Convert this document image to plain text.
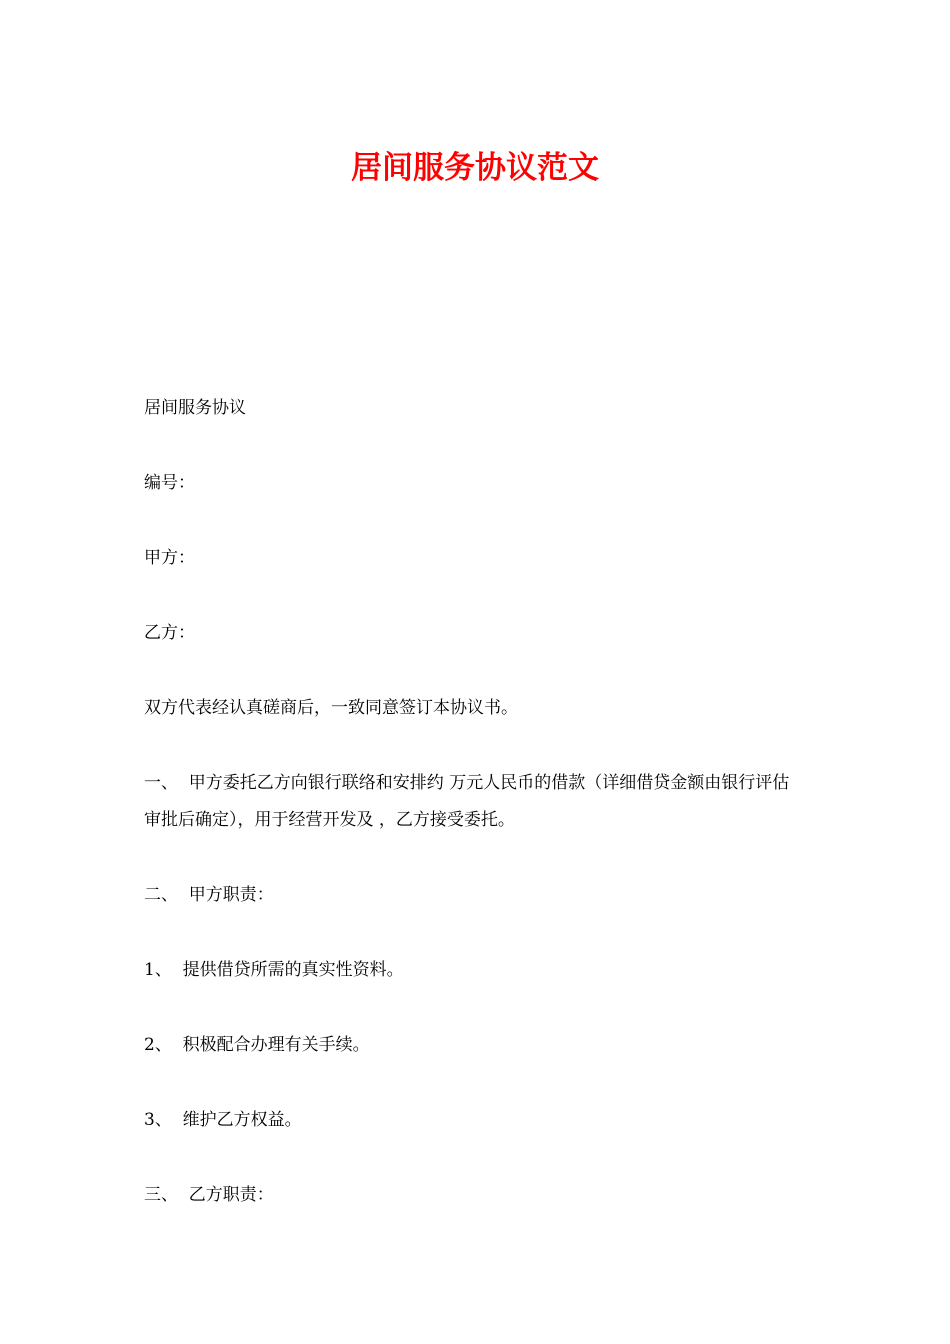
居间服务协议范文

居间服务协议

编号：

甲方：

乙方：

双方代表经认真磋商后，一致同意签订本协议书。

一、  甲方委托乙方向银行联络和安排约 万元人民币的借款（详细借贷金额由银行评估审批后确定），用于经营开发及 ，乙方接受委托。

二、  甲方职责：

1、  提供借贷所需的真实性资料。

2、  积极配合办理有关手续。

3、  维护乙方权益。

三、  乙方职责：
